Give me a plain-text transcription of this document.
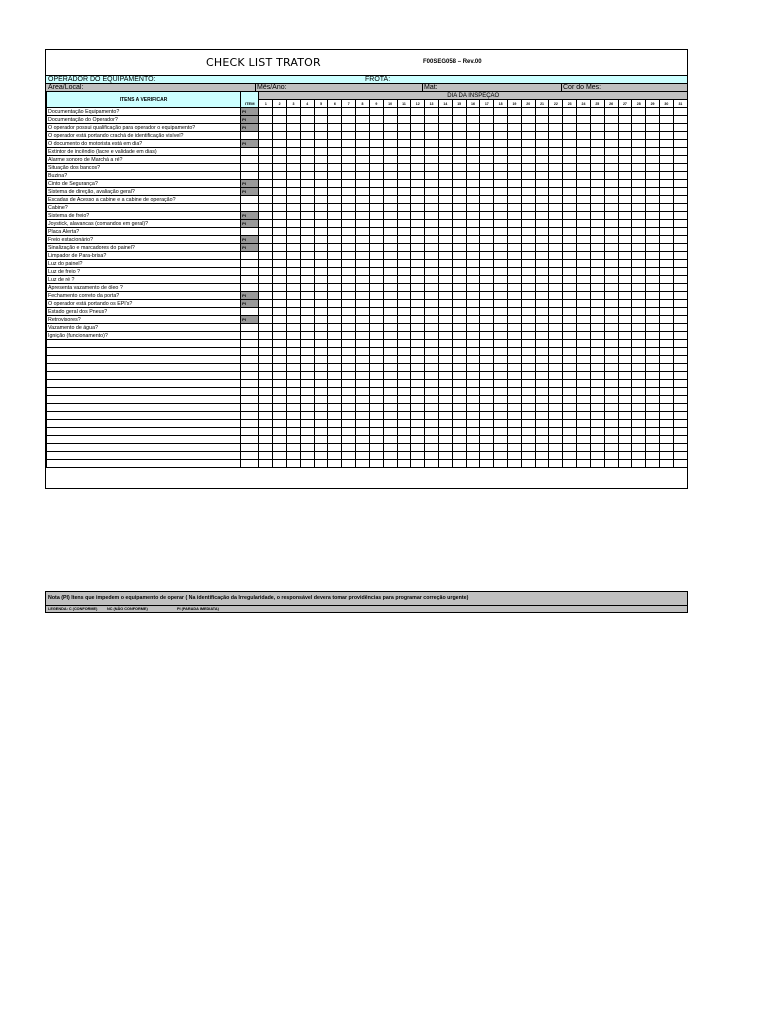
CHECK LIST TRATOR	F00SEG058 – Rev.00
OPERADOR DO EQUIPAMENTO:	FROTA:
Area/Local:	Mês/Ano:	Mat:	Cor do Mes:
ITENS A VERIFICAR	ITEM	DIA DA INSPEÇÃO																														
		1	2	3	4	5	6	7	8	9	10	11	12	13	14	15	16	17	18	19	20	21	22	23	24	25	26	27	28	29	30	31
Documentação Equipamento?	PI																															
Documentação do Operador?	PI																															
O operador possui qualificação para operador o equipamento?	PI																															
O operador está portando crachá de identificação visível?																																
O documento do motorista está em dia?	PI																															
Extintor de incêndio (lacre e validade em dias)																																
Alarme sonoro de Marchá a ré?																																
Situação dos bancos?																																
Buzina?																																
Cinto de Segurança?	PI																															
Sistema de direção, avaliação geral?	PI																															
Escadas de Acesso a cabine e a cabine de operação?																																
Cabine?																																
Sistema de freio?	PI																															
Joystick, alavancas (comandos em geral)?	PI																															
Placa Alerta?																																
Freio estacionário?	PI																															
Sinalização e marcadores do painel?	PI																															
Limpador de Para-brisa?																																
Luz do painel?																																
Luz de freio ?																																
Luz de ré ?																																
Apresenta vazamento de óleo ?																																
Fechamento correto da porta?	PI																															
O operador está portando os EPI's?	PI																															
Estado geral dos Pneus?																																
Retrovisores?	PI																															
Vazamento de água?																																
Ignição (funcionamento)?																																

Nota (PI) Itens que impedem o equipamento de operar ( Na identificação da Irregularidade, o responsável devera tomar providências para programar correção urgente)
LEGENDA: C (CONFORME)	NC (NÃO CONFORME)	PI (PARADA IMEDIATA)
